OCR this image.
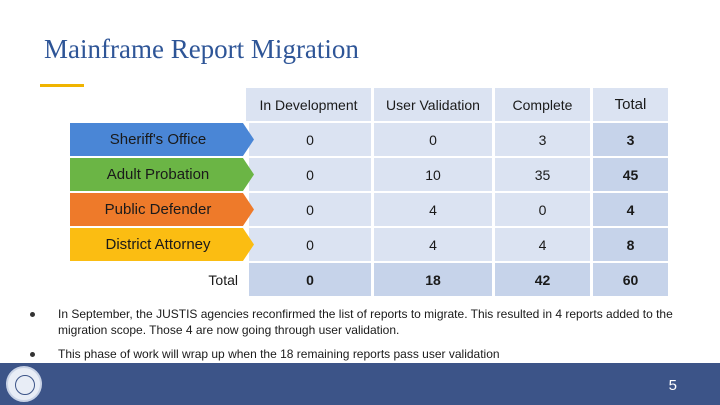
Mainframe Report Migration
	In Development	User Validation	Complete	Total

Sheriff's Office	0	0	3	3

Adult Probation	0	10	35	45

Public Defender	0	4	0	4

District Attorney	0	4	4	8
Total	0	18	42	60
In September, the JUSTIS agencies reconfirmed the list of reports to migrate. This resulted in 4 reports added to the migration scope. Those 4 are now going through user validation.
This phase of work will wrap up when the 18 remaining reports pass user validation
5
